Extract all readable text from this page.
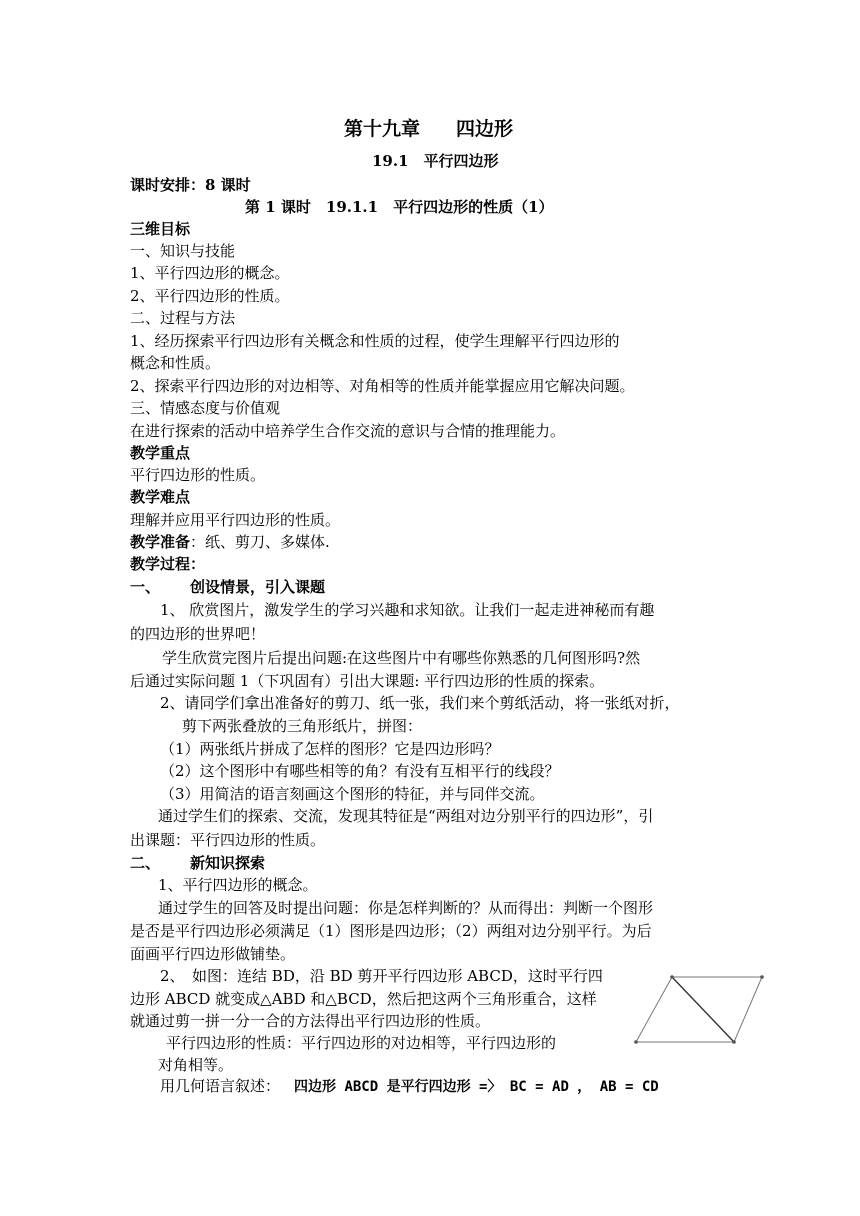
第十九章 四边形
19.1　平行四边形
课时安排：8 课时
第 1 课时　19.1.1　平行四边形的性质（1）
三维目标
一、知识与技能
1、平行四边形的概念。
2、平行四边形的性质。
二、过程与方法
1、经历探索平行四边形有关概念和性质的过程，使学生理解平行四边形的
概念和性质。
2、探索平行四边形的对边相等、对角相等的性质并能掌握应用它解决问题。
三、情感态度与价值观
在进行探索的活动中培养学生合作交流的意识与合情的推理能力。
教学重点
平行四边形的性质。
教学难点
理解并应用平行四边形的性质。
教学准备：纸、剪刀、多媒体.
教学过程：
一、 创设情景，引入课题
1、 欣赏图片，激发学生的学习兴趣和求知欲。让我们一起走进神秘而有趣
的四边形的世界吧！
学生欣赏完图片后提出问题:在这些图片中有哪些你熟悉的几何图形吗?然
后通过实际问题 1（下巩固有）引出大课题: 平行四边形的性质的探索。
2、请同学们拿出准备好的剪刀、纸一张，我们来个剪纸活动，将一张纸对折，
剪下两张叠放的三角形纸片，拼图：
（1）两张纸片拼成了怎样的图形？它是四边形吗？
（2）这个图形中有哪些相等的角？有没有互相平行的线段？
（3）用简洁的语言刻画这个图形的特征，并与同伴交流。
通过学生们的探索、交流，发现其特征是“两组对边分别平行的四边形”，引
出课题：平行四边形的性质。
二、 新知识探索
1、平行四边形的概念。
通过学生的回答及时提出问题：你是怎样判断的？从而得出：判断一个图形
是否是平行四边形必须满足（1）图形是四边形；（2）两组对边分别平行。为后
面画平行四边形做铺垫。
2、　如图：连结 BD，沿 BD 剪开平行四边形 ABCD，这时平行四
边形 ABCD 就变成△ABD 和△BCD，然后把这两个三角形重合，这样
就通过剪一拼一分一合的方法得出平行四边形的性质。
平行四边形的性质：平行四边形的对边相等，平行四边形的
对角相等。
用几何语言叙述： 四边形 ABCD 是平行四边形 =〉 BC = AD ， AB = CD
